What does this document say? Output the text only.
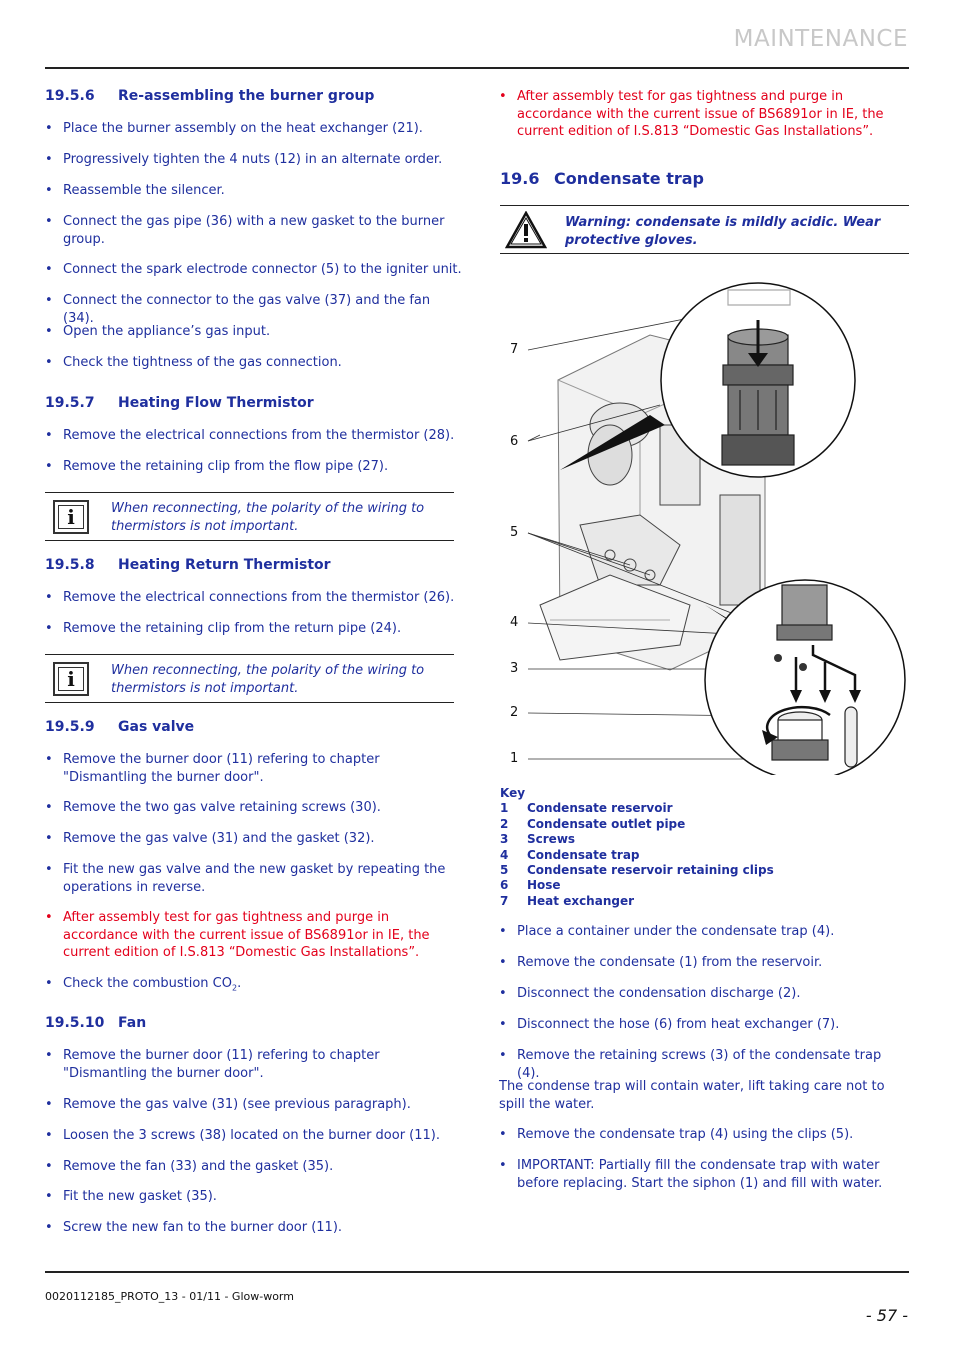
MAINTENANCE
19.5.6 Re-assembling the burner group
• Place the burner assembly on the heat exchanger (21).
• Progressively tighten the 4 nuts (12) in an alternate order.
• Reassemble the silencer.
• Connect the gas pipe (36) with a new gasket to the burner group.
• Connect the spark electrode connector (5) to the igniter unit.
• Connect the connector to the gas valve (37) and the fan (34).
• Open the appliance’s gas input.
• Check the tightness of the gas connection.
19.5.7 Heating Flow Thermistor
• Remove the electrical connections from the thermistor (28).
• Remove the retaining clip from the flow pipe (27).
i	When reconnecting, the polarity of the wiring to thermistors is not important.
19.5.8 Heating Return Thermistor
• Remove the electrical connections from the thermistor (26).
• Remove the retaining clip from the return pipe (24).
i	When reconnecting, the polarity of the wiring to thermistors is not important.
19.5.9 Gas valve
• Remove the burner door (11) refering to chapter "Dismantling the burner door".
• Remove the two gas valve retaining screws (30).
• Remove the gas valve (31) and the gasket (32).
• Fit the new gas valve and the new gasket by repeating the operations in reverse.
• After assembly test for gas tightness and purge in accordance with the current issue of BS6891or in IE, the current edition of I.S.813 “Domestic Gas Installations”.
• Check the combustion $CO_2$.
19.5.10 Fan
• Remove the burner door (11) refering to chapter "Dismantling the burner door".
• Remove the gas valve (31) (see previous paragraph).
• Loosen the 3 screws (38) located on the burner door (11).
• Remove the fan (33) and the gasket (35).
• Fit the new gasket (35).
• Screw the new fan to the burner door (11).
• After assembly test for gas tightness and purge in accordance with the current issue of BS6891or in IE, the current edition of I.S.813 “Domestic Gas Installations”.
19.6 Condensate trap
Warning: condensate is mildly acidic. Wear protective gloves.
7
6
5
4
3
2
1
Key
1 Condensate reservoir
2 Condensate outlet pipe
3 Screws
4 Condensate trap
5 Condensate reservoir retaining clips
6 Hose
7 Heat exchanger
• Place a container under the condensate trap (4).
• Remove the condensate (1) from the reservoir.
• Disconnect the condensation discharge (2).
• Disconnect the hose (6) from heat exchanger (7).
• Remove the retaining screws (3) of the condensate trap (4).
The condense trap will contain water, lift taking care not to spill the water.
• Remove the condensate trap (4) using the clips (5).
• IMPORTANT: Partially fill the condensate trap with water before replacing. Start the siphon (1) and fill with water.
0020112185_PROTO_13 - 01/11 - Glow-worm
- 57 -
